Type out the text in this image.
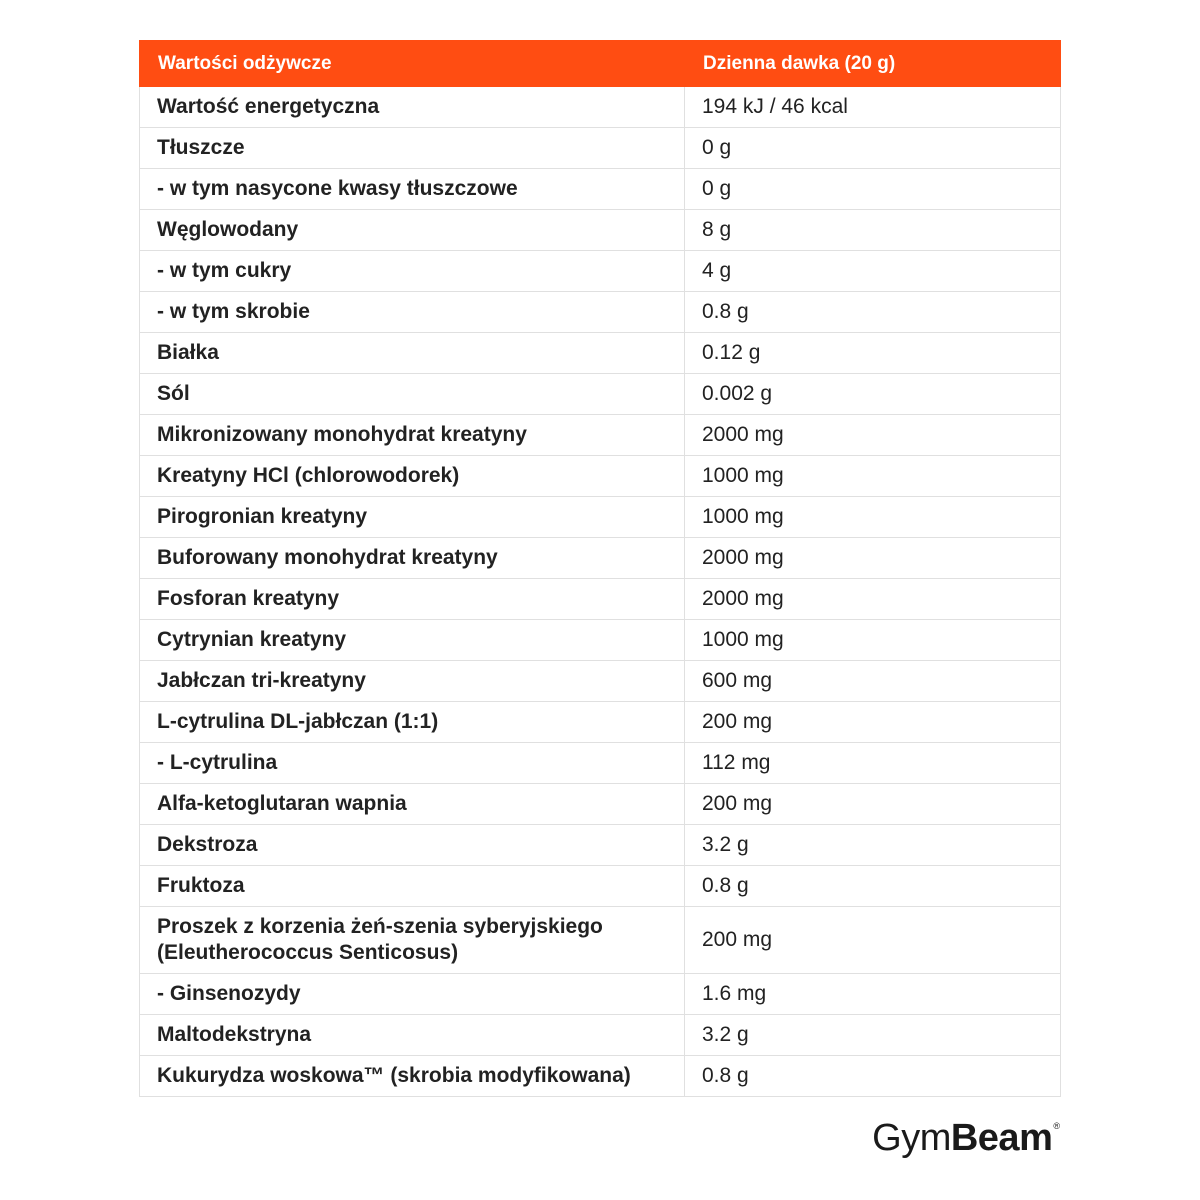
Wartości odżywcze	Dzienna dawka (20 g)
Wartość energetyczna	194 kJ / 46 kcal
Tłuszcze	0 g
- w tym nasycone kwasy tłuszczowe	0 g
Węglowodany	8 g
- w tym cukry	4 g
- w tym skrobie	0.8 g
Białka	0.12 g
Sól	0.002 g
Mikronizowany monohydrat kreatyny	2000 mg
Kreatyny HCl (chlorowodorek)	1000 mg
Pirogronian kreatyny	1000 mg
Buforowany monohydrat kreatyny	2000 mg
Fosforan kreatyny	2000 mg
Cytrynian kreatyny	1000 mg
Jabłczan tri-kreatyny	600 mg
L-cytrulina DL-jabłczan (1:1)	200 mg
- L-cytrulina	112 mg
Alfa-ketoglutaran wapnia	200 mg
Dekstroza	3.2 g
Fruktoza	0.8 g
Proszek z korzenia żeń-szenia syberyjskiego (Eleutherococcus Senticosus)	200 mg
- Ginsenozydy	1.6 mg
Maltodekstryna	3.2 g
Kukurydza woskowa™ (skrobia modyfikowana)	0.8 g
Gym Beam ®
